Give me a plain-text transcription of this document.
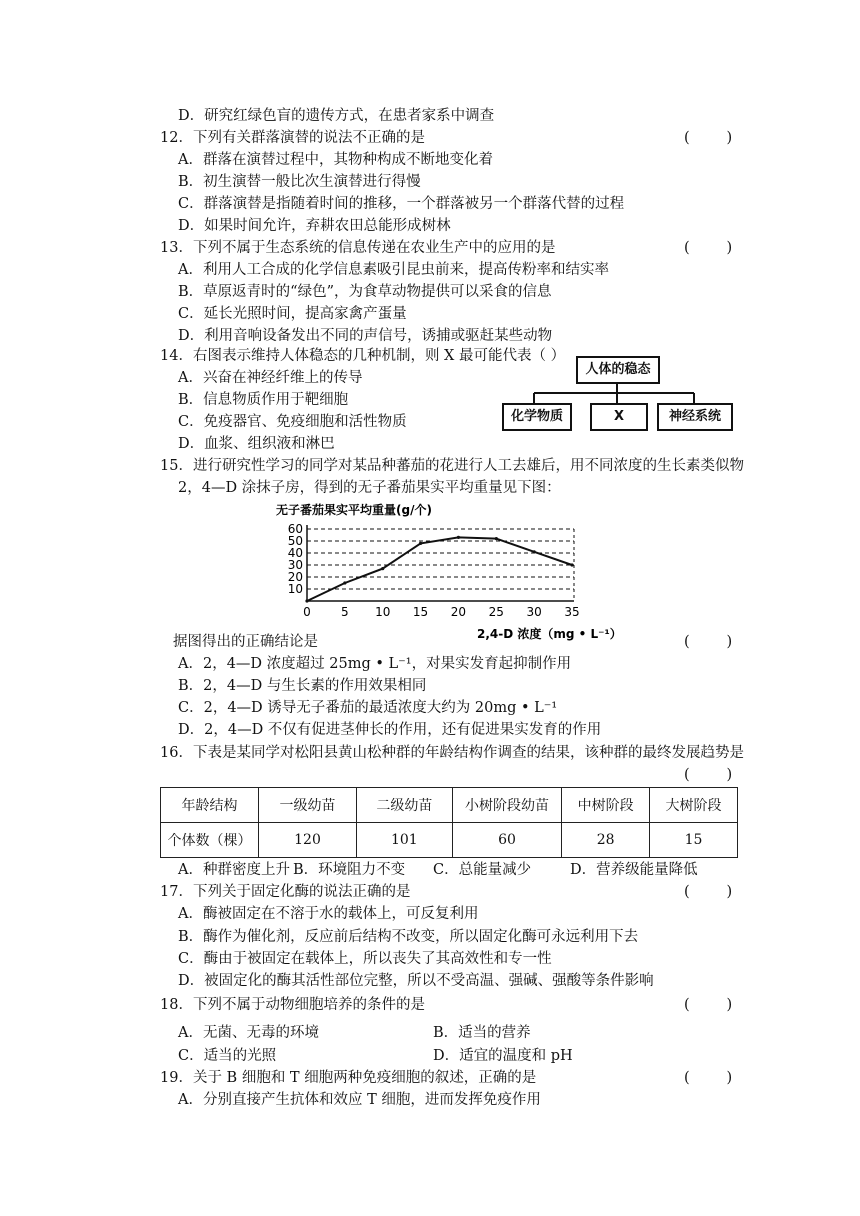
D．研究红绿色盲的遗传方式，在患者家系中调查
12．下列有关群落演替的说法不正确的是	(        )
A．群落在演替过程中，其物种构成不断地变化着
B．初生演替一般比次生演替进行得慢
C．群落演替是指随着时间的推移，一个群落被另一个群落代替的过程
D．如果时间允许，弃耕农田总能形成树林
13．下列不属于生态系统的信息传递在农业生产中的应用的是	(        )
A．利用人工合成的化学信息素吸引昆虫前来，提高传粉率和结实率
B．草原返青时的“绿色”，为食草动物提供可以采食的信息
C．延长光照时间，提高家禽产蛋量
D．利用音响设备发出不同的声信号，诱捕或驱赶某些动物
14．右图表示维持人体稳态的几种机制，则 X 最可能代表（ ）
A．兴奋在神经纤维上的传导
B．信息物质作用于靶细胞
C．免疫器官、免疫细胞和活性物质
D．血浆、组织液和淋巴
人体的稳态
化学物质	X	神经系统
15．进行研究性学习的同学对某品种蕃茄的花进行人工去雄后，用不同浓度的生长素类似物
2，4—D 涂抹子房，得到的无子番茄果实平均重量见下图：
无子番茄果实平均重量(g/个)
2,4-D 浓度（mg • L⁻¹）
10
20
30
40
50
60
0	5 10 15 20 25 30 35
据图得出的正确结论是	(        )
A．2，4—D 浓度超过 25mg • L⁻¹，对果实发育起抑制作用
B．2，4—D 与生长素的作用效果相同
C．2，4—D 诱导无子番茄的最适浓度大约为 20mg • L⁻¹
D．2，4—D 不仅有促进茎伸长的作用，还有促进果实发育的作用
16．下表是某同学对松阳县黄山松种群的年龄结构作调查的结果，该种群的最终发展趋势是
(        )
年龄结构	一级幼苗	二级幼苗	小树阶段幼苗	中树阶段	大树阶段
个体数（棵）	120	101	60	28	15
A．种群密度上升 B．环境阻力不变 C．总能量减少	D．营养级能量降低
17．下列关于固定化酶的说法正确的是	(        )
A．酶被固定在不溶于水的载体上，可反复利用
B．酶作为催化剂，反应前后结构不改变，所以固定化酶可永远利用下去
C．酶由于被固定在载体上，所以丧失了其高效性和专一性
D．被固定化的酶其活性部位完整，所以不受高温、强碱、强酸等条件影响
18．下列不属于动物细胞培养的条件的是	(        )
A．无菌、无毒的环境	B．适当的营养
C．适当的光照	D．适宜的温度和 pH
19．关于 B 细胞和 T 细胞两种免疫细胞的叙述，正确的是	(        )
A．分别直接产生抗体和效应 T 细胞，进而发挥免疫作用
